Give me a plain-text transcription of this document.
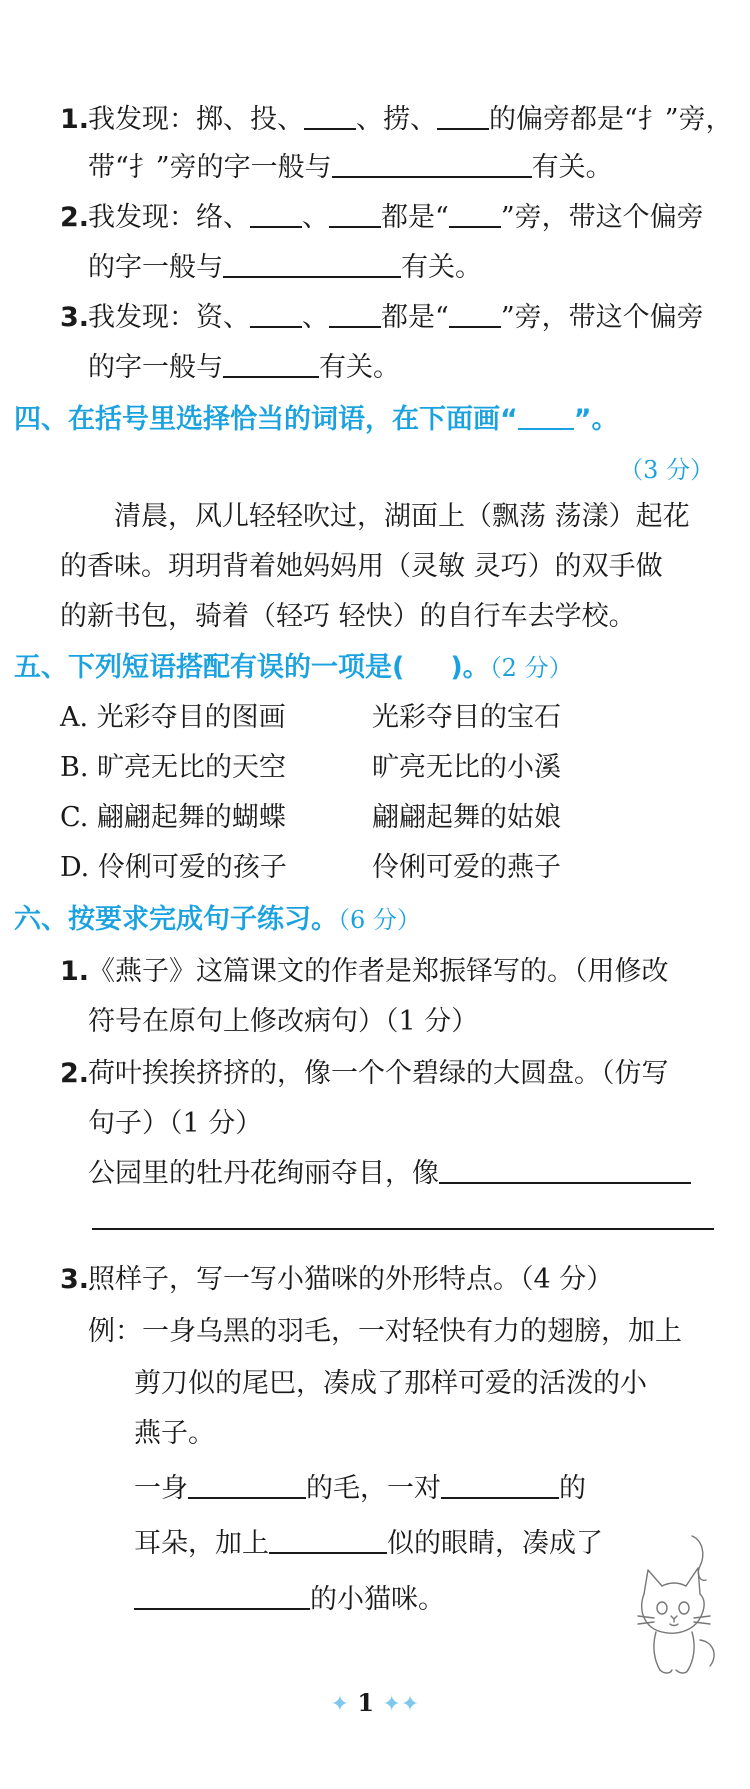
1.我发现：掷、投、 、捞、 的偏旁都是“扌”旁，
带“扌”旁的字一般与	有关。
2.我发现：络、 、 都是“ ”旁，带这个偏旁
的字一般与	有关。
3.我发现：资、 、 都是“ ”旁，带这个偏旁
的字一般与	有关。
四、在括号里选择恰当的词语，在下面画“ ”。
（3 分）
清晨，风儿轻轻吹过，湖面上（飘荡 荡漾）起花
的香味。玥玥背着她妈妈用（灵敏 灵巧）的双手做
的新书包，骑着（轻巧 轻快）的自行车去学校。
五、下列短语搭配有误的一项是( )。（2 分）
A. 光彩夺目的图画	光彩夺目的宝石
B. 旷亮无比的天空	旷亮无比的小溪
C. 翩翩起舞的蝴蝶	翩翩起舞的姑娘
D. 伶俐可爱的孩子	伶俐可爱的燕子
六、按要求完成句子练习。（6 分）
1.《燕子》这篇课文的作者是郑振铎写的。（用修改
符号在原句上修改病句）（1 分）
2.荷叶挨挨挤挤的，像一个个碧绿的大圆盘。（仿写
句子）（1 分）
公园里的牡丹花绚丽夺目，像
3.照样子，写一写小猫咪的外形特点。（4 分）
例：一身乌黑的羽毛，一对轻快有力的翅膀，加上
剪刀似的尾巴，凑成了那样可爱的活泼的小
燕子。
一身	的毛，一对	的
耳朵，加上	似的眼睛，凑成了
的小猫咪。
✦ 1 ✦✦
